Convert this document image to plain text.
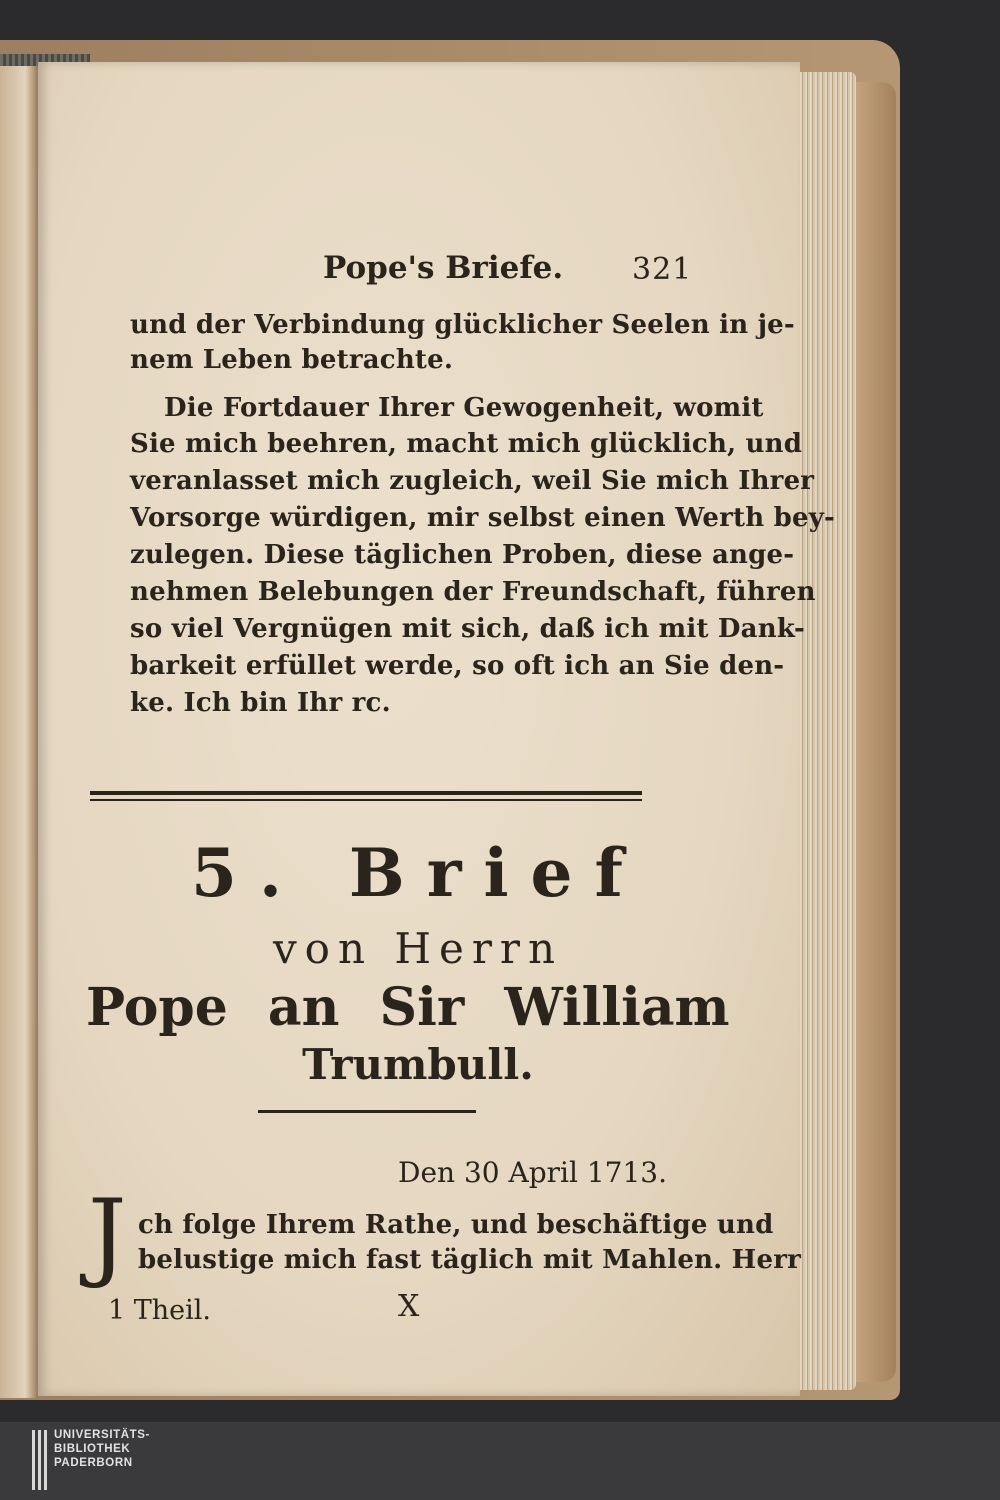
Pope's Briefe. 321
und der Verbindung glücklicher Seelen in je-
nem Leben betrachte.
Die Fortdauer Ihrer Gewogenheit, womit
Sie mich beehren, macht mich glücklich, und
veranlasset mich zugleich, weil Sie mich Ihrer
Vorsorge würdigen, mir selbst einen Werth bey-
zulegen. Diese täglichen Proben, diese ange-
nehmen Belebungen der Freundschaft, führen
so viel Vergnügen mit sich, daß ich mit Dank-
barkeit erfüllet werde, so oft ich an Sie den-
ke. Ich bin Ihr rc.
5. Brief
von Herrn
Pope an Sir William
Trumbull.
Den 30 April 1713.
J ch folge Ihrem Rathe, und beschäftige und
belustige mich fast täglich mit Mahlen. Herr
1 Theil.	X
UNIVERSITÄTS-
BIBLIOTHEK
PADERBORN
